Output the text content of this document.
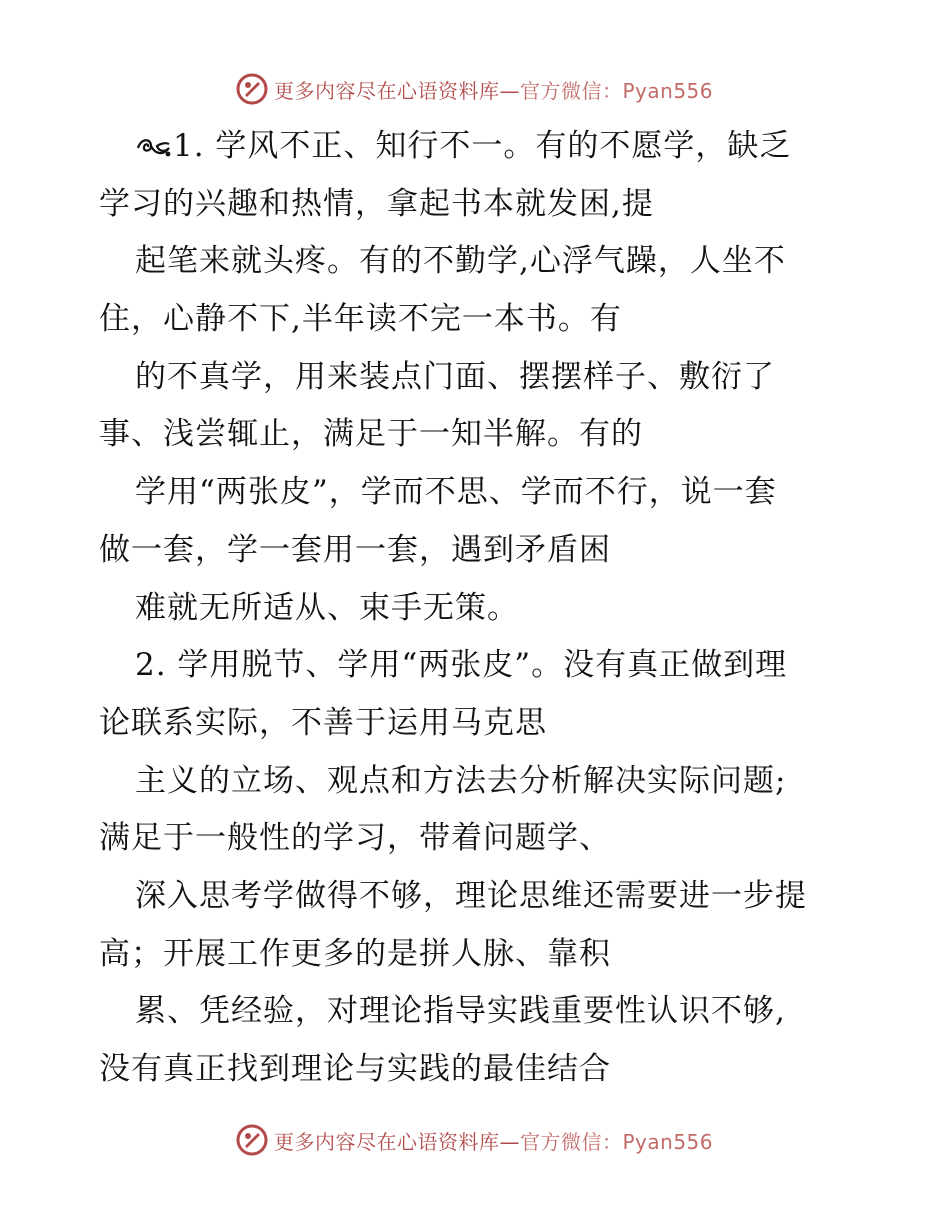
更多内容尽在心语资料库—官方微信：Pyan556
1. 学风不正、知行不一。有的不愿学，缺乏
学习的兴趣和热情，拿起书本就发困,提
起笔来就头疼。有的不勤学,心浮气躁，人坐不
住，心静不下,半年读不完一本书。有
的不真学，用来装点门面、摆摆样子、敷衍了
事、浅尝辄止，满足于一知半解。有的
学用“两张皮”，学而不思、学而不行，说一套
做一套，学一套用一套，遇到矛盾困
难就无所适从、束手无策。
2. 学用脱节、学用“两张皮”。没有真正做到理
论联系实际，不善于运用马克思
主义的立场、观点和方法去分析解决实际问题;
满足于一般性的学习，带着问题学、
深入思考学做得不够，理论思维还需要进一步提
高；开展工作更多的是拼人脉、靠积
累、凭经验，对理论指导实践重要性认识不够,
没有真正找到理论与实践的最佳结合
更多内容尽在心语资料库—官方微信：Pyan556
